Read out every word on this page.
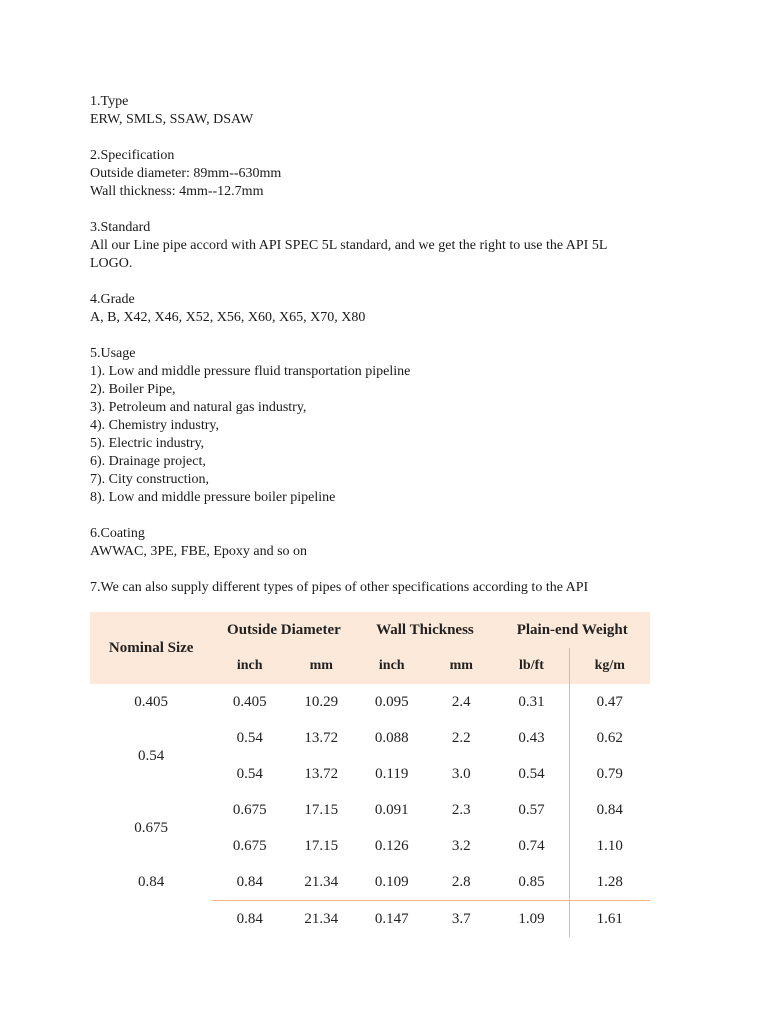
1.Type
ERW, SMLS, SSAW, DSAW
2.Specification
Outside diameter: 89mm--630mm
Wall thickness: 4mm--12.7mm
3.Standard
All our Line pipe accord with API SPEC 5L standard, and we get the right to use the API 5L
LOGO.
4.Grade
A, B, X42, X46, X52, X56, X60, X65, X70, X80
5.Usage
1). Low and middle pressure fluid transportation pipeline
2). Boiler Pipe,
3). Petroleum and natural gas industry,
4). Chemistry industry,
5). Electric industry,
6). Drainage project,
7). City construction,
8). Low and middle pressure boiler pipeline
6.Coating
AWWAC, 3PE, FBE, Epoxy and so on
7.We can also supply different types of pipes of other specifications according to the API
Nominal Size	Outside Diameter		Wall Thickness		Plain-end Weight	
	inch	mm	inch	mm	lb/ft	kg/m
0.405	0.405	10.29	0.095	2.4	0.31	0.47
0.54	0.54	13.72	0.088	2.2	0.43	0.62
	0.54	13.72	0.119	3.0	0.54	0.79
0.675	0.675	17.15	0.091	2.3	0.57	0.84
	0.675	17.15	0.126	3.2	0.74	1.10
0.84	0.84	21.34	0.109	2.8	0.85	1.28
	0.84	21.34	0.147	3.7	1.09	1.61
